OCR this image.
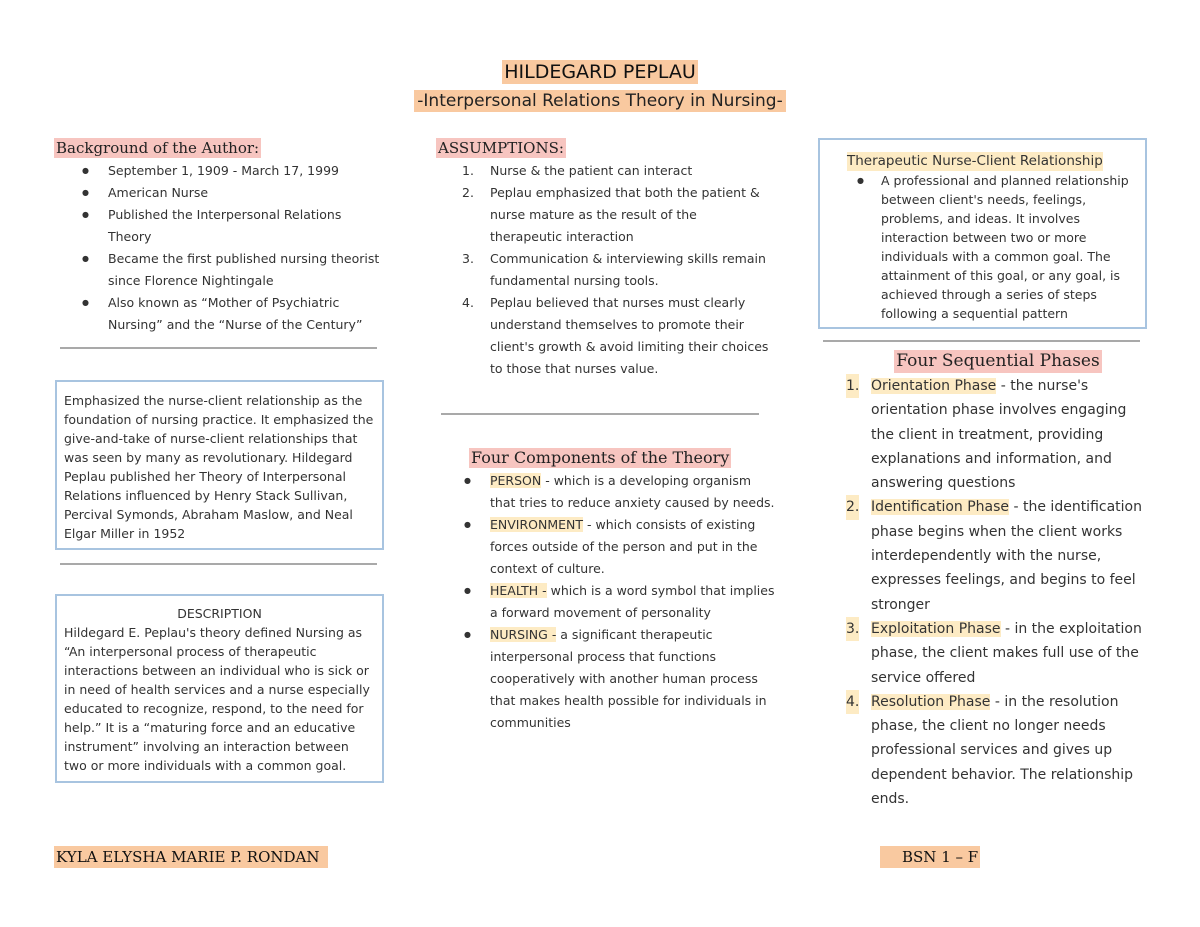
HILDEGARD PEPLAU
-Interpersonal Relations Theory in Nursing-
Background of the Author:
● September 1, 1909 - March 17, 1999
● American Nurse
● Published the Interpersonal Relations Theory
● Became the first published nursing theorist since Florence Nightingale
● Also known as “Mother of Psychiatric Nursing” and the “Nurse of the Century”
Emphasized the nurse-client relationship as the foundation of nursing practice. It emphasized the give-and-take of nurse-client relationships that was seen by many as revolutionary. Hildegard Peplau published her Theory of Interpersonal Relations influenced by Henry Stack Sullivan, Percival Symonds, Abraham Maslow, and Neal Elgar Miller in 1952
DESCRIPTION
Hildegard E. Peplau's theory defined Nursing as “An interpersonal process of therapeutic interactions between an individual who is sick or in need of health services and a nurse especially educated to recognize, respond, to the need for help.” It is a “maturing force and an educative instrument” involving an interaction between two or more individuals with a common goal.
ASSUMPTIONS:
1. Nurse & the patient can interact
2. Peplau emphasized that both the patient & nurse mature as the result of the therapeutic interaction
3. Communication & interviewing skills remain fundamental nursing tools.
4. Peplau believed that nurses must clearly understand themselves to promote their client's growth & avoid limiting their choices to those that nurses value.
Four Components of the Theory
● PERSON - which is a developing organism that tries to reduce anxiety caused by needs.
● ENVIRONMENT - which consists of existing forces outside of the person and put in the context of culture.
● HEALTH - which is a word symbol that implies a forward movement of personality
● NURSING - a significant therapeutic interpersonal process that functions cooperatively with another human process that makes health possible for individuals in communities
Therapeutic Nurse-Client Relationship
● A professional and planned relationship between client's needs, feelings, problems, and ideas. It involves interaction between two or more individuals with a common goal. The attainment of this goal, or any goal, is achieved through a series of steps following a sequential pattern
Four Sequential Phases
1. Orientation Phase - the nurse's orientation phase involves engaging the client in treatment, providing explanations and information, and answering questions
2. Identification Phase - the identification phase begins when the client works interdependently with the nurse, expresses feelings, and begins to feel stronger
3. Exploitation Phase - in the exploitation phase, the client makes full use of the service offered
4. Resolution Phase - in the resolution phase, the client no longer needs professional services and gives up dependent behavior. The relationship ends.
KYLA ELYSHA MARIE P. RONDAN	BSN 1 – F
